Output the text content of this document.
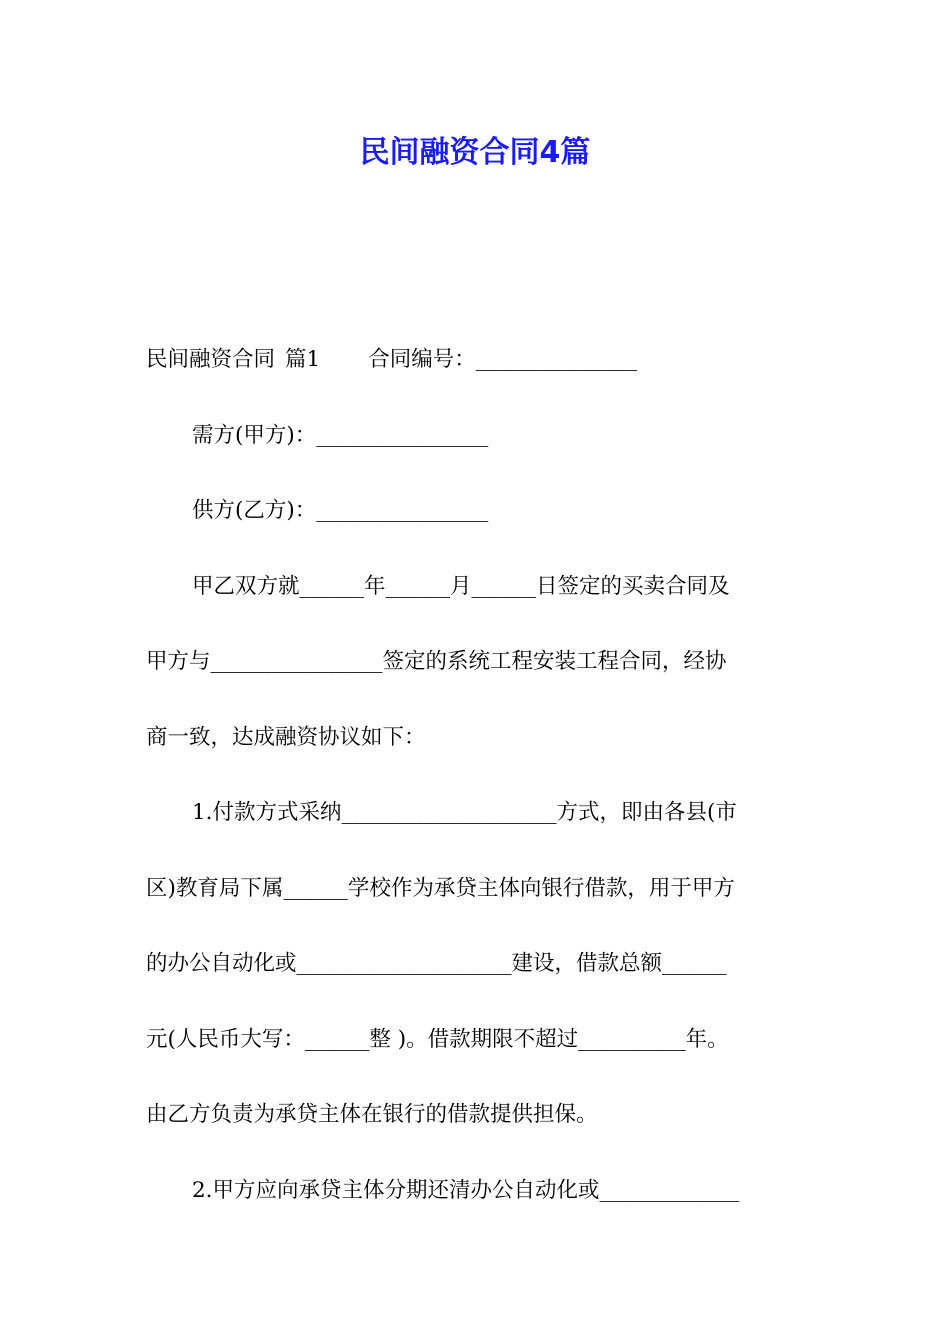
民间融资合同4篇

民间融资合同 篇1 合同编号：_______________

需方(甲方)：________________

供方(乙方)：________________

甲乙双方就______年______月______日签定的买卖合同及

甲方与________________签定的系统工程安装工程合同，经协

商一致，达成融资协议如下：

1.付款方式采纳____________________方式，即由各县(市

区)教育局下属______学校作为承贷主体向银行借款，用于甲方

的办公自动化或____________________建设，借款总额______

元(人民币大写：______整 )。借款期限不超过__________年。

由乙方负责为承贷主体在银行的借款提供担保。

2.甲方应向承贷主体分期还清办公自动化或_____________
